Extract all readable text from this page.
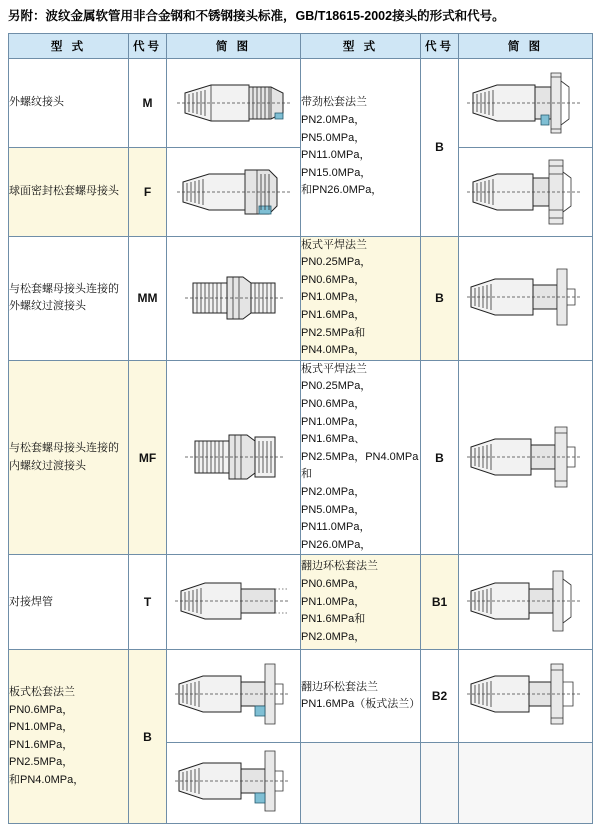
另附：波纹金属软管用非合金钢和不锈钢接头标准，GB/T18615-2002接头的形式和代号。
型 式	代号	简 图	型 式	代号	简 图
外螺纹接头	M		带劲松套法兰
PN2.0MPa， PN5.0MPa，
PN11.0MPa，PN15.0MPa，
和PN26.0MPa，	B	

球面密封松套螺母接头	F	

与松套螺母接头连接的外螺纹过渡接头	MM		板式平焊法兰
PN0.25MPa，PN0.6MPa，
PN1.0MPa，PN1.6MPa，
PN2.5MPa和PN4.0MPa，	B	

与松套螺母接头连接的内螺纹过渡接头	MF	
	板式平焊法兰
PN0.25MPa，PN0.6MPa，
PN1.0MPa，PN1.6MPa、
PN2.5MPa，PN4.0MPa和
PN2.0MPa，PN5.0MPa，
PN11.0MPa，PN26.0MPa，	B	

对接焊管	T		翻边环松套法兰
PN0.6MPa， PN1.0MPa，
PN1.6MPa和PN2.0MPa，	B1	

板式松套法兰
PN0.6MPa，PN1.0MPa，
PN1.6MPa，PN2.5MPa，
和PN4.0MPa，	B		翻边环松套法兰
PN1.6MPa（板式法兰）	B2	
